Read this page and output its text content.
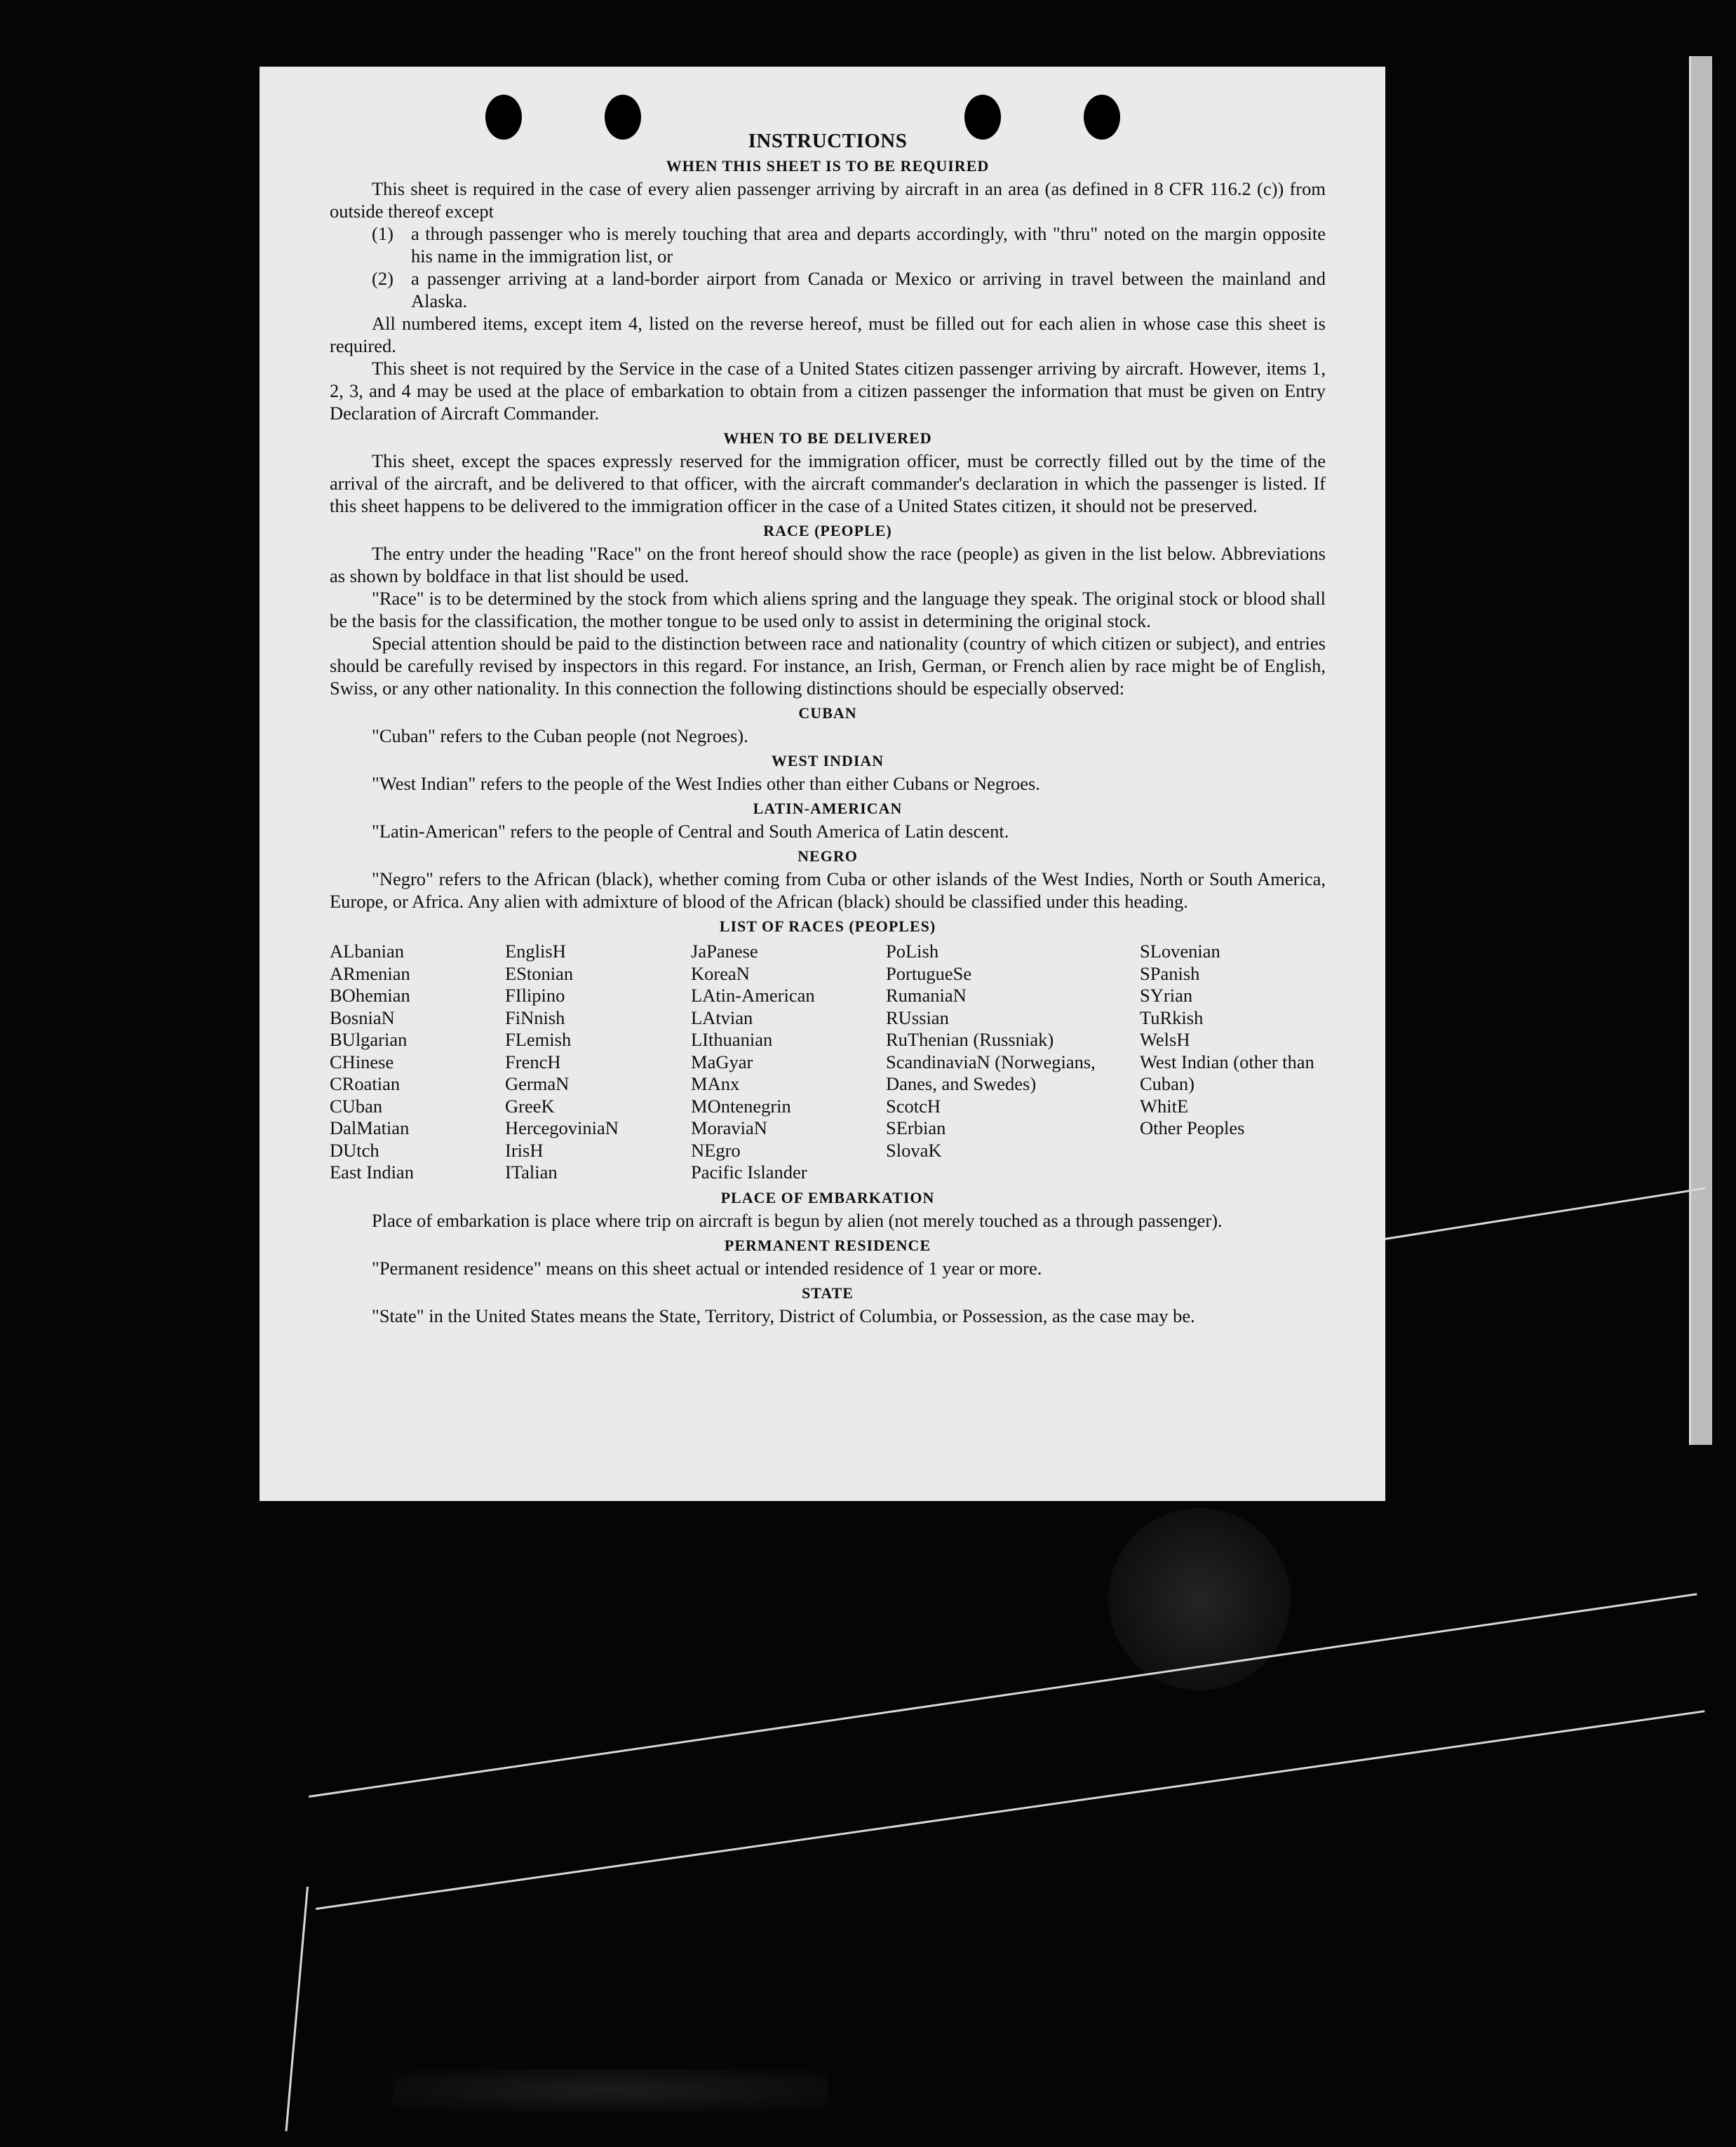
INSTRUCTIONS
WHEN THIS SHEET IS TO BE REQUIRED
This sheet is required in the case of every alien passenger arriving by aircraft in an area (as defined in 8 CFR 116.2 (c)) from outside thereof except
(1) a through passenger who is merely touching that area and departs accordingly, with "thru" noted on the margin opposite his name in the immigration list, or
(2) a passenger arriving at a land-border airport from Canada or Mexico or arriving in travel between the mainland and Alaska.
All numbered items, except item 4, listed on the reverse hereof, must be filled out for each alien in whose case this sheet is required.
This sheet is not required by the Service in the case of a United States citizen passenger arriving by aircraft. However, items 1, 2, 3, and 4 may be used at the place of embarkation to obtain from a citizen passenger the information that must be given on Entry Declaration of Aircraft Commander.
WHEN TO BE DELIVERED
This sheet, except the spaces expressly reserved for the immigration officer, must be correctly filled out by the time of the arrival of the aircraft, and be delivered to that officer, with the aircraft commander's declaration in which the passenger is listed. If this sheet happens to be delivered to the immigration officer in the case of a United States citizen, it should not be preserved.
RACE (PEOPLE)
The entry under the heading "Race" on the front hereof should show the race (people) as given in the list below. Abbreviations as shown by boldface in that list should be used.
"Race" is to be determined by the stock from which aliens spring and the language they speak. The original stock or blood shall be the basis for the classification, the mother tongue to be used only to assist in determining the original stock.
Special attention should be paid to the distinction between race and nationality (country of which citizen or subject), and entries should be carefully revised by inspectors in this regard. For instance, an Irish, German, or French alien by race might be of English, Swiss, or any other nationality. In this connection the following distinctions should be especially observed:
CUBAN
"Cuban" refers to the Cuban people (not Negroes).
WEST INDIAN
"West Indian" refers to the people of the West Indies other than either Cubans or Negroes.
LATIN-AMERICAN
"Latin-American" refers to the people of Central and South America of Latin descent.
NEGRO
"Negro" refers to the African (black), whether coming from Cuba or other islands of the West Indies, North or South America, Europe, or Africa. Any alien with admixture of blood of the African (black) should be classified under this heading.
LIST OF RACES (PEOPLES)
ALbanian
ARmenian
BOhemian
BosniaN
BUlgarian
CHinese
CRoatian
CUban
DalMatian
DUtch
East Indian
EnglisH
EStonian
FIlipino
FiNnish
FLemish
FrencH
GermaN
GreeK
HercegoviniaN
IrisH
ITalian
JaPanese
KoreaN
LAtin-American
LAtvian
LIthuanian
MaGyar
MAnx
MOntenegrin
MoraviaN
NEgro
Pacific Islander
PoLish
PortugueSe
RumaniaN
RUssian
RuThenian (Russniak)
ScandinaviaN (Norwegians, Danes, and Swedes)
ScotcH
SErbian
SlovaK
SLovenian
SPanish
SYrian
TuRkish
WelsH
West Indian (other than Cuban)
WhitE
Other Peoples
PLACE OF EMBARKATION
Place of embarkation is place where trip on aircraft is begun by alien (not merely touched as a through passenger).
PERMANENT RESIDENCE
"Permanent residence" means on this sheet actual or intended residence of 1 year or more.
STATE
"State" in the United States means the State, Territory, District of Columbia, or Possession, as the case may be.
